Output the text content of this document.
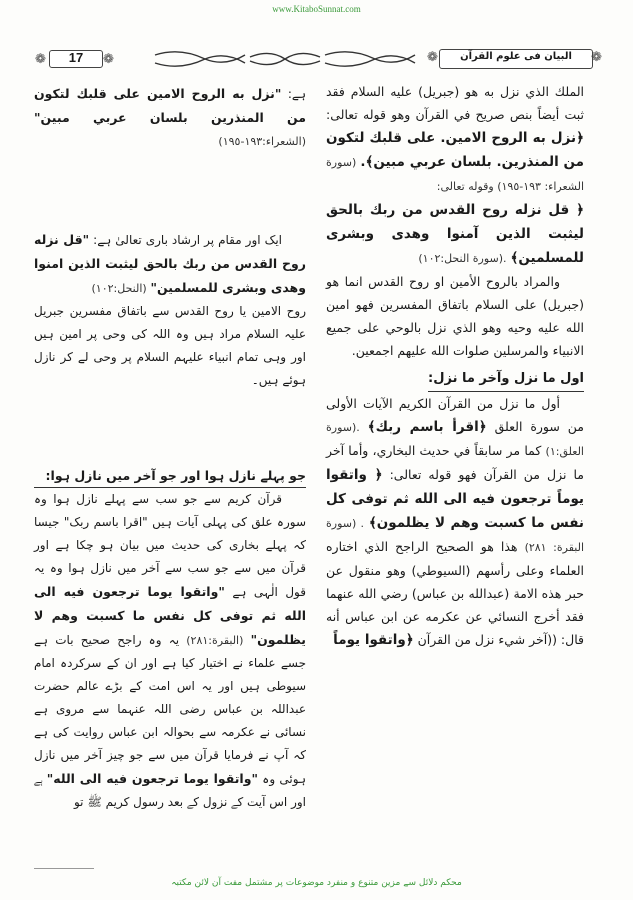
www.KitaboSunnat.com
❁	17	❁	❁	البیان فی علوم القرآن	❁

الملك الذي نزل به هو (جبريل) عليه السلام فقد ثبت أيضاً بنص صريح في القرآن وهو قوله تعالى: ﴿نزل به الروح الامين. على قلبك لتكون من المنذرين. بلسان عربي مبين﴾. (سورة الشعراء: ١٩٣-١٩٥) وقوله تعالى:

﴿ قل نزله روح القدس من ربك بالحق ليثبت الذين آمنوا وهدى وبشرى للمسلمين﴾ .(سورة النحل:١٠٢)

والمراد بالروح الأمين او روح القدس انما هو (جبريل) على السلام باتفاق المفسرين فهو امين الله عليه وحيه وهو الذي نزل بالوحي على جميع الانبياء والمرسلين صلوات الله عليهم اجمعين.

اول ما نزل وآخر ما نزل:

أول ما نزل من القرآن الكريم الآيات الأولى من سورة العلق ﴿اقرأ باسم ربك﴾ .(سورة العلق:١) كما مر سابقاً في حديث البخاري، وأما آخر ما نزل من القرآن فهو قوله تعالى: ﴿ واتقوا يوماً ترجعون فيه الى الله ثم توفى كل نفس ما كسبت وهم لا يظلمون﴾ . (سورة البقرة: ٢٨١) هذا هو الصحيح الراجح الذي اختاره العلماء وعلى رأسهم (السيوطي) وهو منقول عن حبر هذه الامة (عبدالله بن عباس) رضي الله عنهما فقد أخرج النسائي عن عكرمه عن ابن عباس أنه قال: ((آخر شيء نزل من القرآن ﴿واتقوا يوماً

ہے: "نزل به الروح الامين على قلبك لتكون من المنذرين بلسان عربي مبين" (الشعراء:١٩٣-١٩٥)

ایک اور مقام پر ارشاد باری تعالیٰ ہے: "قل نزله روح القدس من ربك بالحق ليثبت الذين امنوا وهدى وبشرى للمسلمين" (النحل:١٠٢)

روح الامین یا روح القدس سے باتفاق مفسرین جبریل علیہ السلام مراد ہیں وہ اللہ کی وحی پر امین ہیں اور وہی تمام انبیاء علیہم السلام پر وحی لے کر نازل ہوئے ہیں۔

جو پہلے نازل ہوا اور جو آخر میں نازل ہوا:

قرآن کریم سے جو سب سے پہلے نازل ہوا وہ سورہ علق کی پہلی آیات ہیں "اقرا باسم ربک" جیسا کہ پہلے بخاری کی حدیث میں بیان ہو چکا ہے اور قرآن میں سے جو سب سے آخر میں نازل ہوا وہ یہ قول الٰہی ہے "واتقوا يوما ترجعون فيه الى الله ثم توفى كل نفس ما كسبت وهم لا يظلمون" (البقرة:٢٨١) یہ وہ راجح صحیح بات ہے جسے علماء نے اختیار کیا ہے اور ان کے سرکردہ امام سیوطی ہیں اور یہ اس امت کے بڑے عالم حضرت عبداللہ بن عباس رضی اللہ عنہما سے مروی ہے نسائی نے عکرمہ سے بحوالہ ابن عباس روایت کی ہے کہ آپ نے فرمایا قرآن میں سے جو چیز آخر میں نازل ہوئی وہ "واتقوا يوما ترجعون فيه الى الله" ہے اور اس آیت کے نزول کے بعد رسول کریم ﷺ تو

محکم دلائل سے مزین متنوع و منفرد موضوعات پر مشتمل مفت آن لائن مکتبہ
